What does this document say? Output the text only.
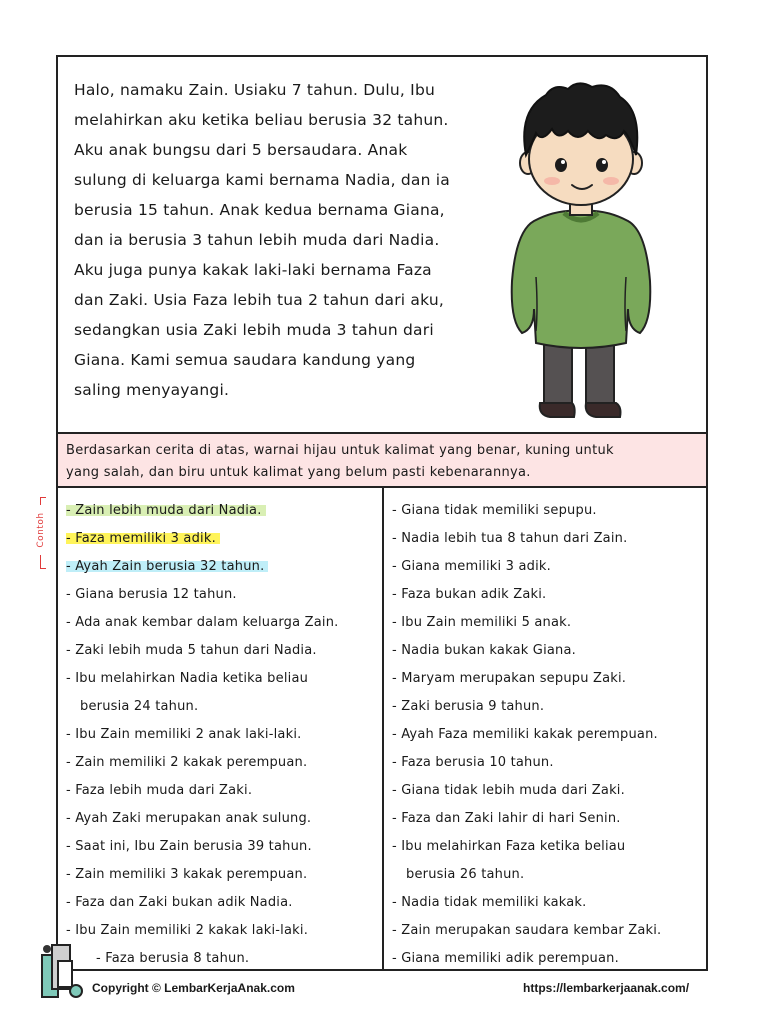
Halo, namaku Zain. Usiaku 7 tahun. Dulu, Ibu

melahirkan aku ketika beliau berusia 32 tahun.

Aku anak bungsu dari 5 bersaudara. Anak

sulung di keluarga kami bernama Nadia, dan ia

berusia 15 tahun. Anak kedua bernama Giana,

dan ia berusia 3 tahun lebih muda dari Nadia.

Aku juga punya kakak laki-laki bernama Faza

dan Zaki. Usia Faza lebih tua 2 tahun dari aku,

sedangkan usia Zaki lebih muda 3 tahun dari

Giana. Kami semua saudara kandung yang

saling menyayangi.

Berdasarkan cerita di atas, warnai hijau untuk kalimat yang benar, kuning untuk
yang salah, dan biru untuk kalimat yang belum pasti kebenarannya.
- Zain lebih muda dari Nadia.
- Faza memiliki 3 adik.
- Ayah Zain berusia 32 tahun.
- Giana berusia 12 tahun.
- Ada anak kembar dalam keluarga Zain.
- Zaki lebih muda 5 tahun dari Nadia.
- Ibu melahirkan Nadia ketika beliau
berusia 24 tahun.
- Ibu Zain memiliki 2 anak laki-laki.
- Zain memiliki 2 kakak perempuan.
- Faza lebih muda dari Zaki.
- Ayah Zaki merupakan anak sulung.
- Saat ini, Ibu Zain berusia 39 tahun.
- Zain memiliki 3 kakak perempuan.
- Faza dan Zaki bukan adik Nadia.
- Ibu Zain memiliki 2 kakak laki-laki.
- Faza berusia 8 tahun.
- Giana tidak memiliki sepupu.
- Nadia lebih tua 8 tahun dari Zain.
- Giana memiliki 3 adik.
- Faza bukan adik Zaki.
- Ibu Zain memiliki 5 anak.
- Nadia bukan kakak Giana.
- Maryam merupakan sepupu Zaki.
- Zaki berusia 9 tahun.
- Ayah Faza memiliki kakak perempuan.
- Faza berusia 10 tahun.
- Giana tidak lebih muda dari Zaki.
- Faza dan Zaki lahir di hari Senin.
- Ibu melahirkan Faza ketika beliau
berusia 26 tahun.
- Nadia tidak memiliki kakak.
- Zain merupakan saudara kembar Zaki.
- Giana memiliki adik perempuan.
Contoh
Copyright © LembarKerjaAnak.com	https://lembarkerjaanak.com/
